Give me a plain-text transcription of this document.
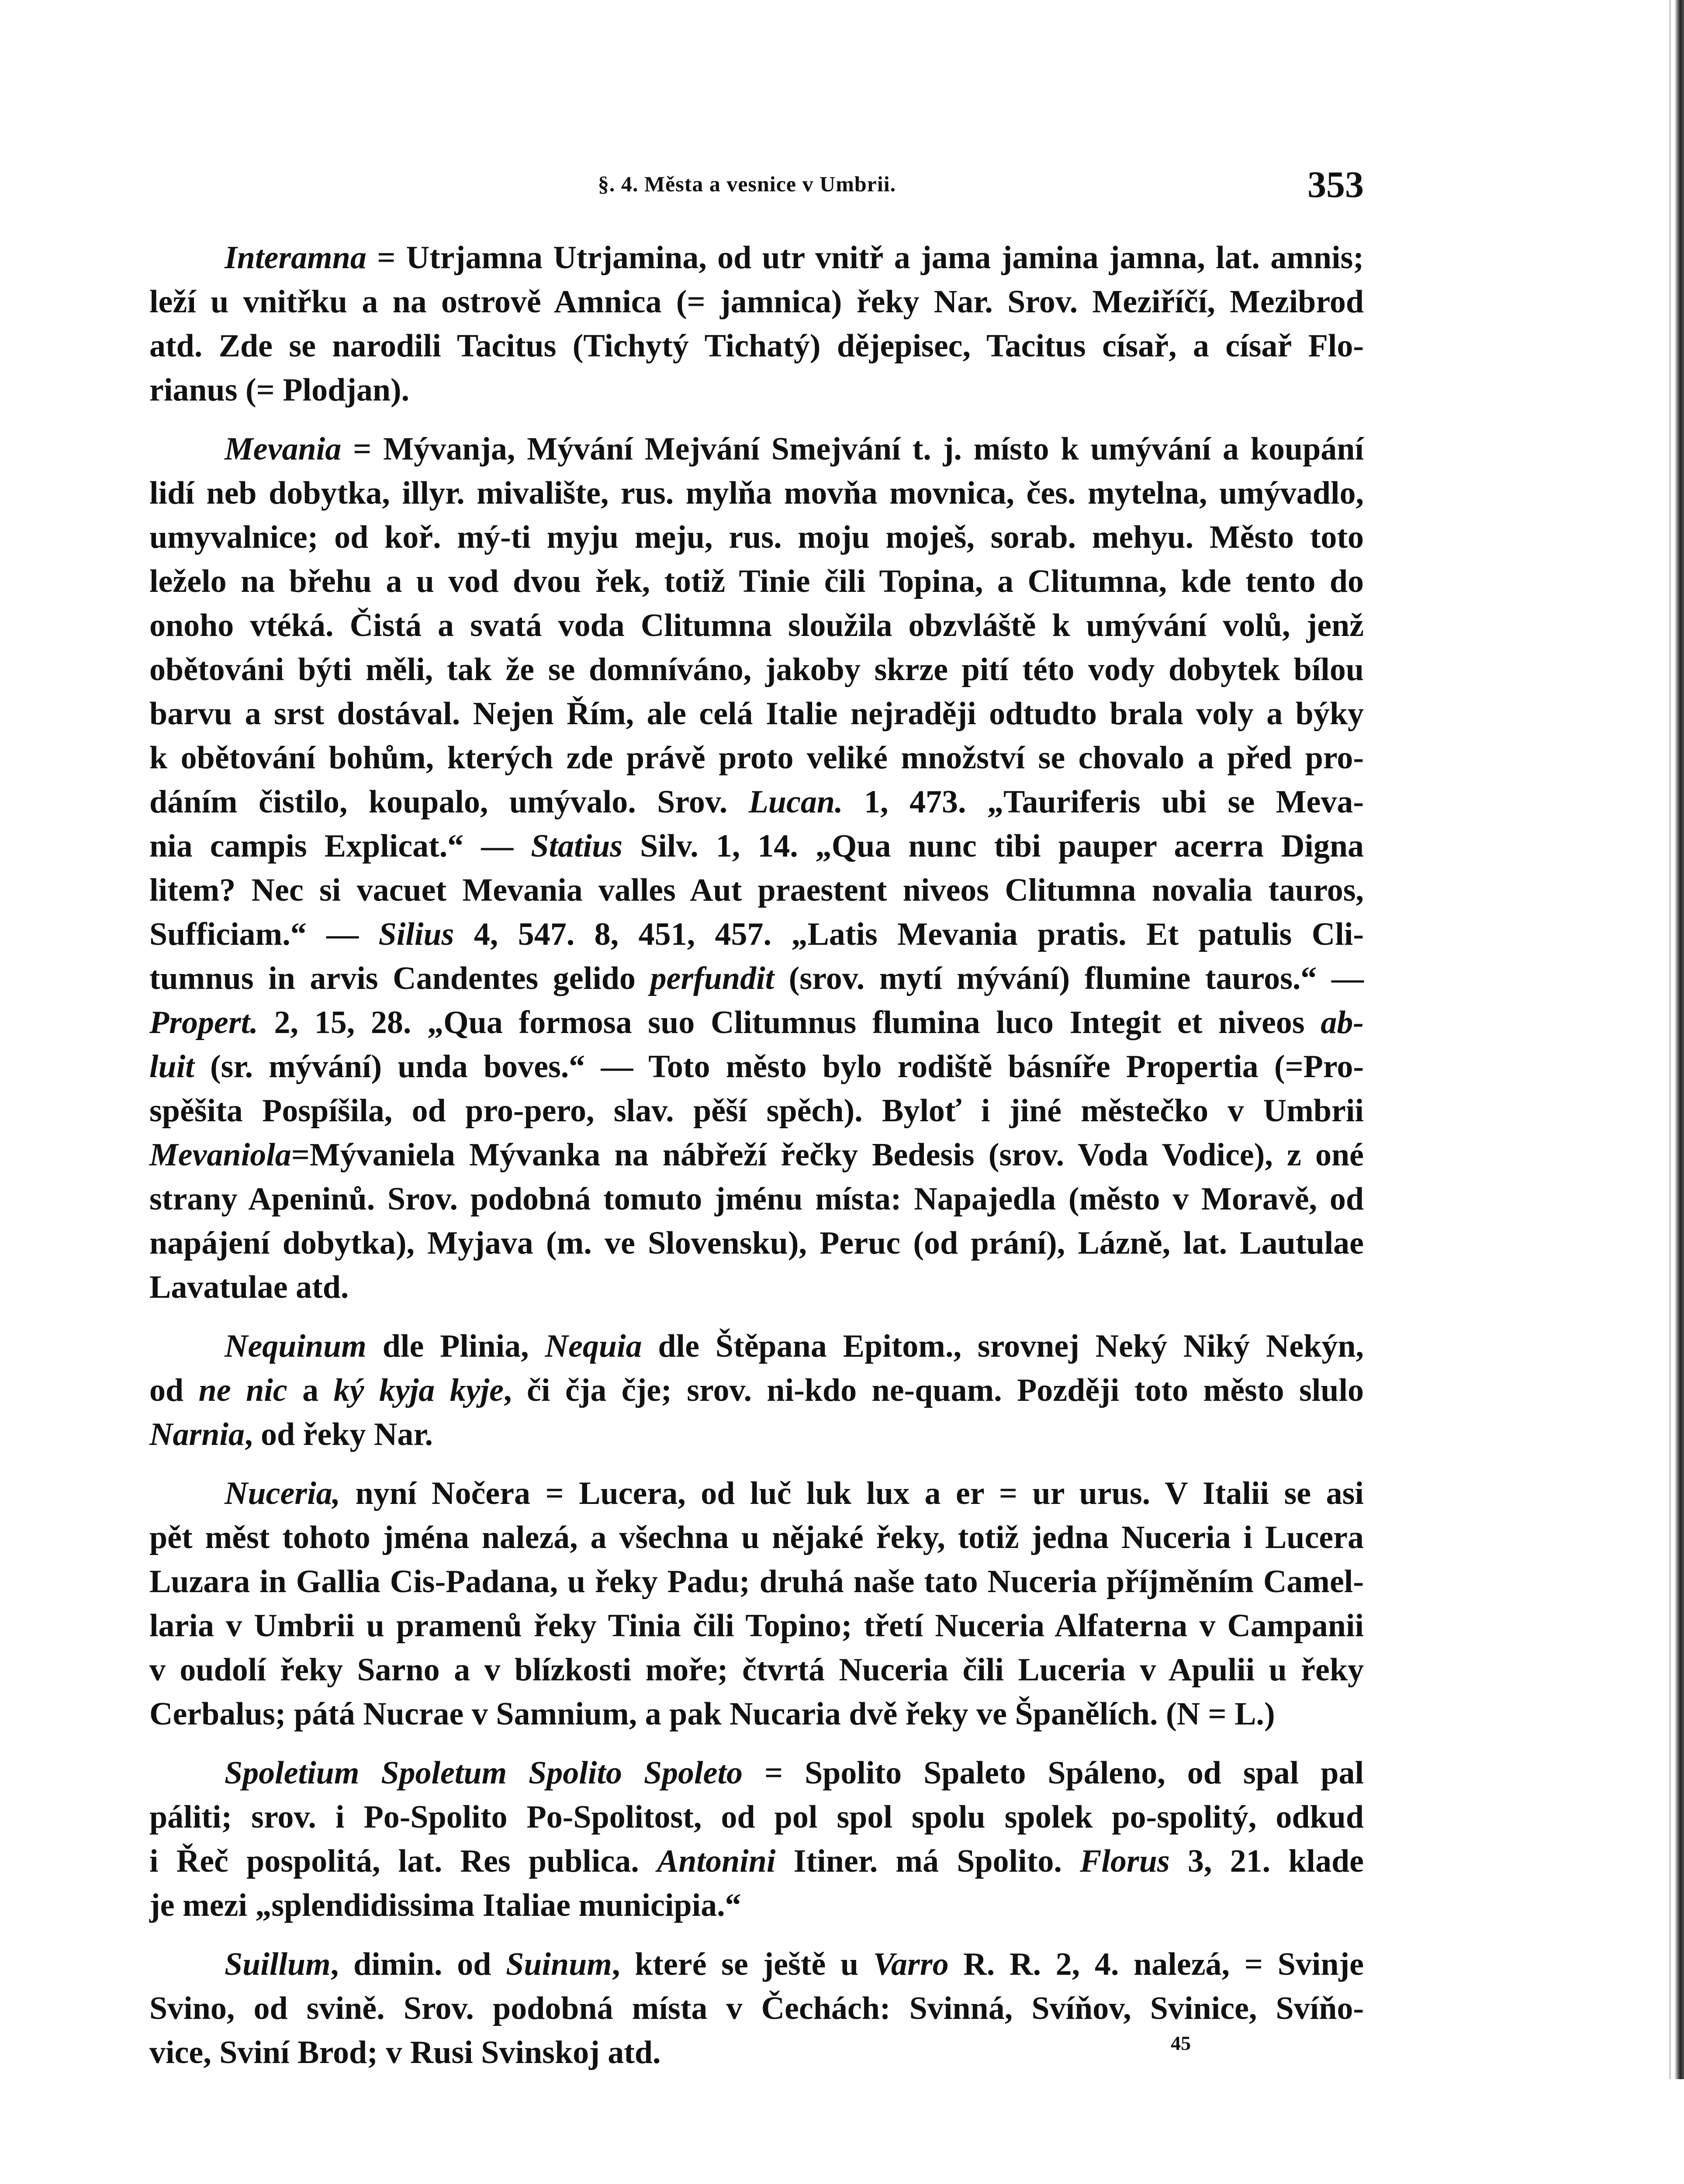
§. 4. Města a vesnice v Umbrii.	353
Interamna = Utrjamna Utrjamina, od utr vnitř a jama jamina jamna, lat. amnis;
leží u vnitřku a na ostrově Amnica (= jamnica) řeky Nar. Srov. Meziříčí, Mezibrod
atd. Zde se narodili Tacitus (Tichytý Tichatý) dějepisec, Tacitus císař, a císař Flo-
rianus (= Plodjan).
Mevania = Mývanja, Mývání Mejvání Smejvání t. j. místo k umývání a koupání
lidí neb dobytka, illyr. mivalište, rus. mylňa movňa movnica, čes. mytelna, umývadlo,
umyvalnice; od koř. mý-ti myju meju, rus. moju moješ, sorab. mehyu. Město toto
leželo na břehu a u vod dvou řek, totiž Tinie čili Topina, a Clitumna, kde tento do
onoho vtéká. Čistá a svatá voda Clitumna sloužila obzvláště k umývání volů, jenž
obětováni býti měli, tak že se domníváno, jakoby skrze pití této vody dobytek bílou
barvu a srst dostával. Nejen Řím, ale celá Italie nejraději odtudto brala voly a býky
k obětování bohům, kterých zde právě proto veliké množství se chovalo a před pro-
dáním čistilo, koupalo, umývalo. Srov. Lucan. 1, 473. „Tauriferis ubi se Meva-
nia campis Explicat.“ — Statius Silv. 1, 14. „Qua nunc tibi pauper acerra Digna
litem? Nec si vacuet Mevania valles Aut praestent niveos Clitumna novalia tauros,
Sufficiam.“ — Silius 4, 547. 8, 451, 457. „Latis Mevania pratis. Et patulis Cli-
tumnus in arvis Candentes gelido perfundit (srov. mytí mývání) flumine tauros.“ —
Propert. 2, 15, 28. „Qua formosa suo Clitumnus flumina luco Integit et niveos ab-
luit (sr. mývání) unda boves.“ — Toto město bylo rodiště básníře Propertia (=Pro-
spěšita Pospíšila, od pro-pero, slav. pěší spěch). Byloť i jiné městečko v Umbrii
Mevaniola=Mývaniela Mývanka na nábřeží řečky Bedesis (srov. Voda Vodice), z oné
strany Apeninů. Srov. podobná tomuto jménu místa: Napajedla (město v Moravě, od
napájení dobytka), Myjava (m. ve Slovensku), Peruc (od prání), Lázně, lat. Lautulae
Lavatulae atd.
Nequinum dle Plinia, Nequia dle Štěpana Epitom., srovnej Neký Niký Nekýn,
od ne nic a ký kyja kyje, či čja čje; srov. ni-kdo ne-quam. Později toto město slulo
Narnia, od řeky Nar.
Nuceria, nyní Nočera = Lucera, od luč luk lux a er = ur urus. V Italii se asi
pět měst tohoto jména nalezá, a všechna u nějaké řeky, totiž jedna Nuceria i Lucera
Luzara in Gallia Cis-Padana, u řeky Padu; druhá naše tato Nuceria příjměním Camel-
laria v Umbrii u pramenů řeky Tinia čili Topino; třetí Nuceria Alfaterna v Campanii
v oudolí řeky Sarno a v blízkosti moře; čtvrtá Nuceria čili Luceria v Apulii u řeky
Cerbalus; pátá Nucrae v Samnium, a pak Nucaria dvě řeky ve Španělích. (N = L.)
Spoletium Spoletum Spolito Spoleto = Spolito Spaleto Spáleno, od spal pal
páliti; srov. i Po-Spolito Po-Spolitost, od pol spol spolu spolek po-spolitý, odkud
i Řeč pospolitá, lat. Res publica. Antonini Itiner. má Spolito. Florus 3, 21. klade
je mezi „splendidissima Italiae municipia.“
Suillum, dimin. od Suinum, které se ještě u Varro R. R. 2, 4. nalezá, = Svinje
Svino, od svině. Srov. podobná místa v Čechách: Svinná, Svíňov, Svinice, Svíňo-
vice, Sviní Brod; v Rusi Svinskoj atd.	45
